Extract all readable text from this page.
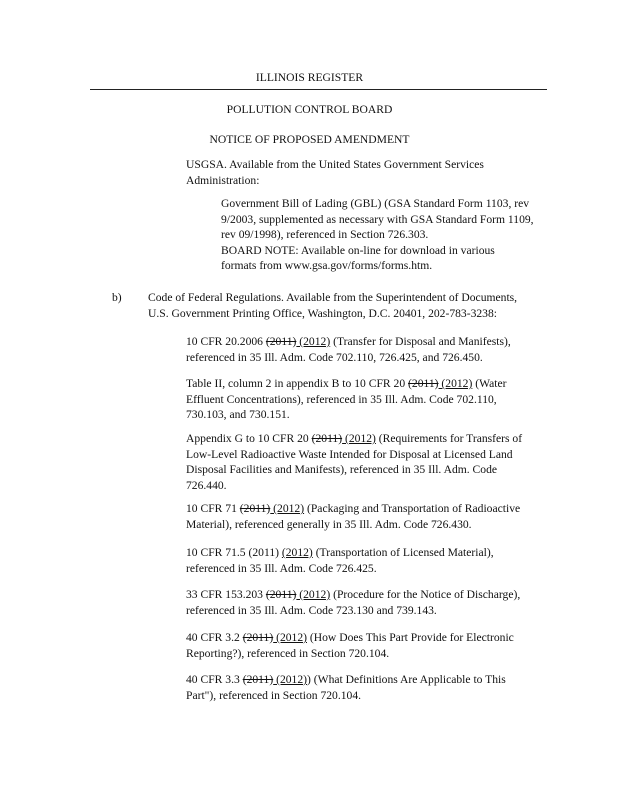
ILLINOIS REGISTER
POLLUTION CONTROL BOARD
NOTICE OF PROPOSED AMENDMENT

USGSA. Available from the United States Government Services

Administration:

Government Bill of Lading (GBL) (GSA Standard Form 1103, rev

9/2003, supplemented as necessary with GSA Standard Form 1109,

rev 09/1998), referenced in Section 726.303.

BOARD NOTE: Available on-line for download in various

formats from www.gsa.gov/forms/forms.htm.

b) Code of Federal Regulations. Available from the Superintendent of Documents,

U.S. Government Printing Office, Washington, D.C. 20401, 202-783-3238:

10 CFR 20.2006 (2011) (2012) (Transfer for Disposal and Manifests),

referenced in 35 Ill. Adm. Code 702.110, 726.425, and 726.450.

Table II, column 2 in appendix B to 10 CFR 20 (2011) (2012) (Water

Effluent Concentrations), referenced in 35 Ill. Adm. Code 702.110,

730.103, and 730.151.

Appendix G to 10 CFR 20 (2011) (2012) (Requirements for Transfers of

Low-Level Radioactive Waste Intended for Disposal at Licensed Land

Disposal Facilities and Manifests), referenced in 35 Ill. Adm. Code

726.440.

10 CFR 71 (2011) (2012) (Packaging and Transportation of Radioactive

Material), referenced generally in 35 Ill. Adm. Code 726.430.

10 CFR 71.5 (2011) (2012) (Transportation of Licensed Material),

referenced in 35 Ill. Adm. Code 726.425.

33 CFR 153.203 (2011) (2012) (Procedure for the Notice of Discharge),

referenced in 35 Ill. Adm. Code 723.130 and 739.143.

40 CFR 3.2 (2011) (2012) (How Does This Part Provide for Electronic

Reporting?), referenced in Section 720.104.

40 CFR 3.3 (2011) (2012)) (What Definitions Are Applicable to This

Part"), referenced in Section 720.104.
